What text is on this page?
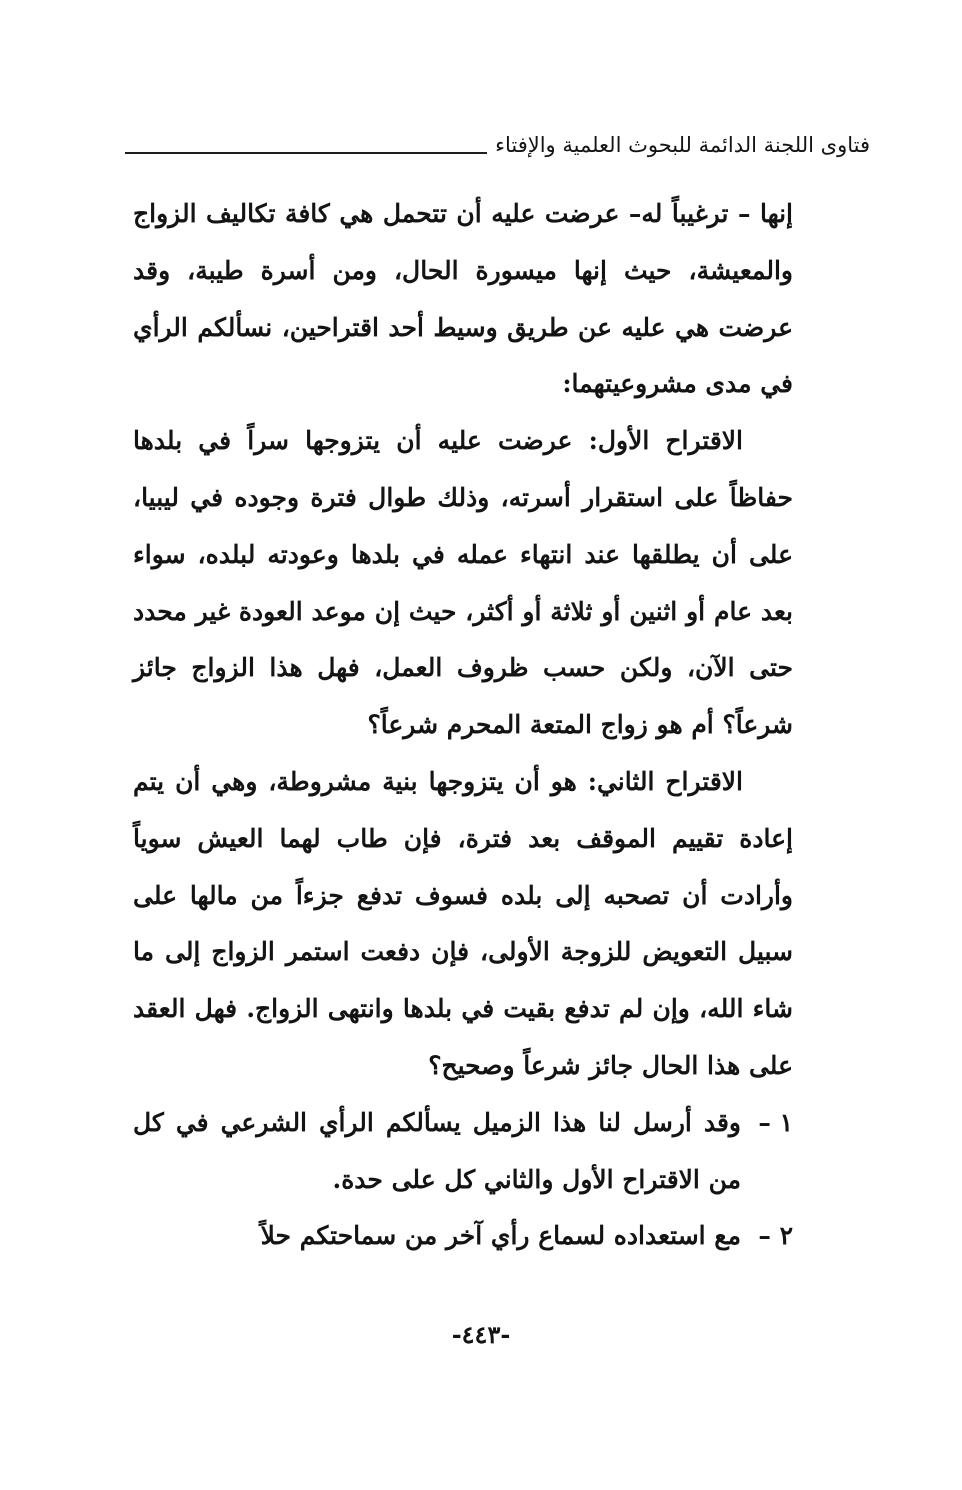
فتاوى اللجنة الدائمة للبحوث العلمية والإفتاء

إنها – ترغيباً له– عرضت عليه أن تتحمل هي كافة تكاليف الزواج والمعيشة، حيث إنها ميسورة الحال، ومن أسرة طيبة، وقد عرضت هي عليه عن طريق وسيط أحد اقتراحين، نسألكم الرأي في مدى مشروعيتهما:

الاقتراح الأول: عرضت عليه أن يتزوجها سراً في بلدها حفاظاً على استقرار أسرته، وذلك طوال فترة وجوده في ليبيا، على أن يطلقها عند انتهاء عمله في بلدها وعودته لبلده، سواء بعد عام أو اثنين أو ثلاثة أو أكثر، حيث إن موعد العودة غير محدد حتى الآن، ولكن حسب ظروف العمل، فهل هذا الزواج جائز شرعاً؟ أم هو زواج المتعة المحرم شرعاً؟

الاقتراح الثاني: هو أن يتزوجها بنية مشروطة، وهي أن يتم إعادة تقييم الموقف بعد فترة، فإن طاب لهما العيش سوياً وأرادت أن تصحبه إلى بلده فسوف تدفع جزءاً من مالها على سبيل التعويض للزوجة الأولى، فإن دفعت استمر الزواج إلى ما شاء الله، وإن لم تدفع بقيت في بلدها وانتهى الزواج. فهل العقد على هذا الحال جائز شرعاً وصحيح؟

١ –
وقد أرسل لنا هذا الزميل يسألكم الرأي الشرعي في كل من الاقتراح الأول والثاني كل على حدة.
٢ –
مع استعداده لسماع رأي آخر من سماحتكم حلاً
-٤٤٣-
